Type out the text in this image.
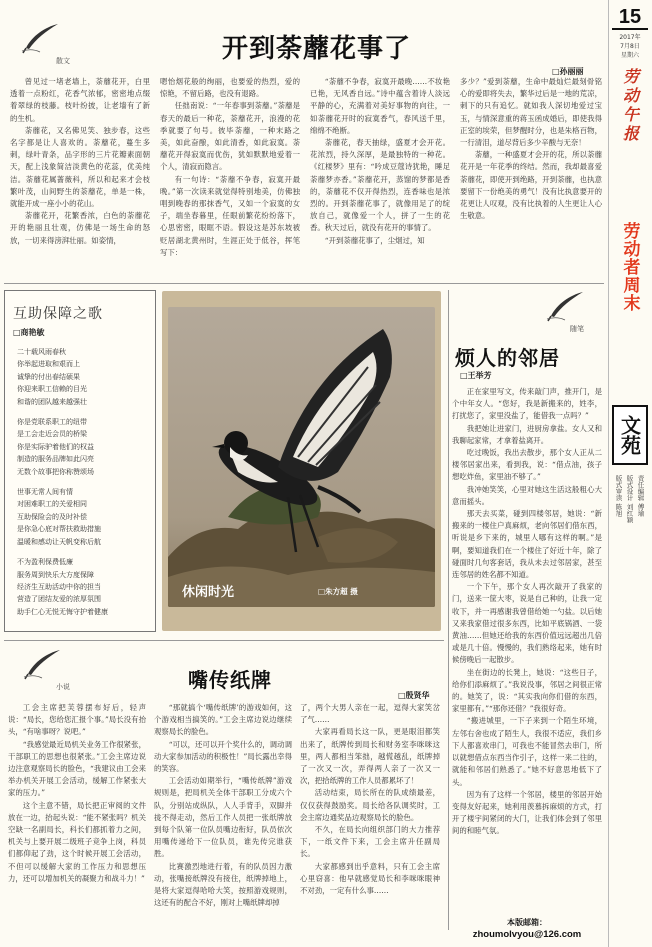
15
2017年
7月8日
星期六
劳动午报
劳动者周末
文苑
责任编辑 傅瑜
版式设计 刘红颖
版式审读 陈旭
散文	开到荼蘼花事了
□孙丽丽

曾见过一堵老墙上，荼蘼花开，白里透着一点粉红，花香气浓郁，密密地点缀着翠绿的枝藤。枝叶纷披，让老墙有了新的生机。

荼蘼花，又名佛见笑、独步春，这些名字都是让人喜欢的。荼蘼花，蔓生多刺，绿叶青条，品字形的三片花瓣素面朝天，配上浅象简洁淡黄色的花蕊，优美纯洁。荼蘼花属蔷薇科，所以和起来才会枝繁叶茂，山间野生的荼蘼花，单是一株，就能开成一座小小的花山。

荼蘼花开，花繁香浓，白色的荼蘼花开的艳丽且壮观，仿佛是一场生命的怒放，一切来得滂湃壮丽。如姿情，

嗯怡烟花般的绚丽，也要爱的热烈，爱的惊艳，不留后路，也没有退路。

任拙南说：“一年春事到荼蘼。”荼蘼是春天的最后一种花，荼蘼花开，浪漫的花季就要了句号。彼毕荼蘼，一种末路之美，如此奋酿，如此清香，如此寂寞。荼蘼花开得寂寞而优伤，犹如默默地爱着一个人，清寂而隐言。

有一句诗：“荼蘼不争春，寂寞开最晚。”第一次读来就觉得特别地美，仿佛独唱到晚春的那抹香气，又如一个寂寞的女子，端坐春暮里，任眼前繁花纷纷落下，心思密密，眼眶不语。假设这是苏东坡被贬居湖北黄州时，生涯正处于低谷，挥笔写下：

“荼蘼不争春，寂寞开最晚……不妆艳已艳，无风香自远。”诗中蕴含着诗人淡远平静的心，充满着对美好事物的向往，一如荼蘼花开时的寂寞香气，春风送千里，绵绵不绝断。

荼蘼花，春天抽绿，盛夏才会开花。花浓烈，持久深厚，是最独特的一种花。《红楼梦》里有：“吟成豆蔻诗犹艳，睡足荼蘼梦亦香。”荼蘼花开，蒸馏的梦都是香的，荼蘼花不仅开得热烈，连香味也是浓烈的。开到荼蘼花事了，就像用足了的绽放自己，就像爱一个人，拼了一生的花香。秋天过后，就没有花开的事情了。

“开到荼蘼花事了，尘烟过，知

多少？”爱到荼蘼，生命中最灿烂最刻骨铭心的爱即将失去，繁华过后是一地的荒凉，刺下的只有追忆。就如我人深切地爱过宝玉，与情深意重的蒋玉函成婚后，即使我得正室的埃荣，但梦醒时分，也是朱格百物，一行清泪，道尽背后多少辛酸与无奈！

荼蘼，一种盛夏才会开的花，所以荼蘼花开是一年花季的终结。然而，我却最喜爱荼蘼花，即使开到绝路，开到荼蘼，也执意要留下一份绝美的勇气！没有比执意要开的花更让人叹观，没有比执着的人生更让人心生敬意。

互助保障之歌
□商艳敏
二十载风雨春秋
你举起进取和艰而上
诚挚的付出春结硕果
你迎来职工信赖的目光
和谐的团队越来越强壮
你是党联系职工的纽带
是工会走近会员的桥梁
你是实际驴着他们的权益
制造的服务品牌如此闪亮
无数个故事把你称赞颂场
世事无常人间有情
对困难职工的关爱相同
互助保险会的及时补偿
是你急心底对帮扶救助措施
温暖和感动让天帆变称后航
不为盈利保费低廉
服务周到快乐大方度保障
经济生互助活动中你的担当
营造了团结友爱的浓厚氛围
助手仁心无悦无悔守护着健康
休闲时光	□朱方超 摄
随笔
烦人的邻居
□王举芳

正在家里写文，传来敲门声，推开门，是个中年女人。“您好，我是新搬来的，姓李，打扰您了，家里没盐了，能借我一点吗？”

我把她让进家门，进厨房拿盐。女人又和我聊起家常，才拿着盐离开。

吃过晚饭，我出去散步，那个女人正从二楼邻居家出来，看到我，说：“借点油，孩子想吃炸鱼，家里油不够了。”

我冲她笑笑，心里对她这生活这般粗心大意而摇头。

那天去买菜，碰到四楼邻居，她说：“新搬来的一楼住户真麻烦，老向邻居们借东西，听说是乡下来的，城里人哪有这样的啊。”是啊，要知道我们在一个楼住了好近十年，除了碰面时几句客套话，我从未去过邻居家，甚至连邻居的姓名都不知道。

一个下午，那个女人再次敲开了我家的门，送来一筐大枣，说是自己种的，让我一定收下，并一再感谢我曾借给她一勺盐。以后她又来我家借过很多东西，比如平底锅酒、一袋黄油……但她还给我的东西价值远远超出几倍或是几十倍。慢慢的，我们熟络起来，她有时候傍晚后一起散步。

坐在街边的长凳上，她说：“这些日子，给你们添麻烦了。”我说没事，邻居之间很正常的。她笑了，说：“其实我向你们借的东西，家里都有。”“那你还借？”我很好奇。

“搬进城里，一下子来到一个陌生环境，左邻右舍也成了陌生人，我很不适应，我们乡下人都喜欢串门，可我也不能冒然去串门，所以就想借点东西当作引子，这样一来二往的，就能和邻居们熟悉了。”她不好意思地低下了头。

因为有了这样一个邻居，楼里的邻居开始变得友好起来，她利用羡慕拆麻烦的方式，打开了楼宇间紧闭的大门，让我们体会到了邻里间的和睦气氛。

小说	嘴传纸牌
□殷贤华

工会主席把芙蓉摆布好后，轻声说：“局长，您给您汇报个事。”局长没有抬头，“有啥事呀？说吧。”

“我感觉最近局机关业务工作很紧张，干部职工的思想也很紧张。”工会主席边说边注意观察局长的脸色，“我建议由工会来举办机关开展工会活动，缓解工作紧张大家的压力。”

这个主意不错，局长把正审阅的文件放在一边，抬起头说：“能不紧张吗？机关空缺一名副局长，科长们都抓着力之间，机关与上要开展二级班子竞争上岗，科员们都仰起了劲，这个时候开展工会活动，不但可以缓解大家的工作压力和思想压力，还可以增加机关的凝聚力和战斗力！”

“那就搞个‘嘴传纸牌’的游戏如何，这个游戏相当搞笑的。”工会主席边说边继续观察局长的脸色。

“可以，还可以开个奖什么的，调动调动大家参加活动的积极性！”局长露出幸得的笑容。

工会活动如期举行，“嘴传纸牌”游戏规则是，把局机关全体干部职工分成六个队，分别站成纵队，人人手背手，双脚并拢不得走动，然后工作人员把一张纸牌放到每个队第一位队员嘴边衔好，队员依次用嘴传递给下一位队员，谁先传完谁获胜。

比赛激烈地进行着，有的队员因力激动，张嘴接纸牌没有接住，纸牌掉地上，是将大家逗得哈哈大笑，按照游戏规则，这还有的配合不好，刚对上嘴纸牌却掉

了，两个大男人亲在一起，逗得大家笑岔了气……

大家再看局长这一队，更是眼泪都笑出来了，纸牌传到局长和财务室李咪咪这里，两人都相当笨拙，越慌越乱，纸牌掉了一次又一次，弄得两人亲了一次又一次，把拾纸牌的工作人员都累坏了！

活动结束，局长所在的队成绩最差，仅仅获得鼓励奖。局长给各队调奖时，工会主席边通奖品边观察局长的脸色。

不久，在局长向组织部门的大力推荐下，一纸文件下来，工会主席升任副局长。

大家都感到出乎意料，只有工会主席心里窃喜：他早就感觉局长和李咪咪眼神不对劲，一定有什么事……

本版邮箱：
zhoumolvyou@126.com
